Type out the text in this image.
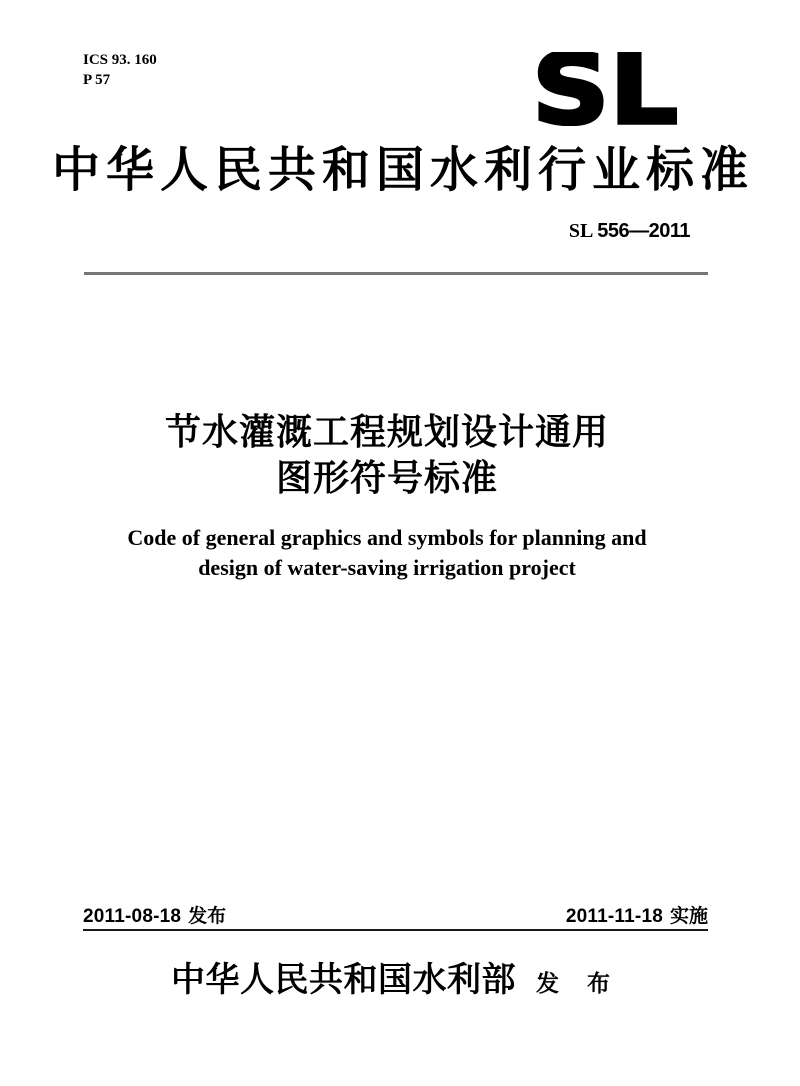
ICS 93. 160
P 57	SL
中华人民共和国水利行业标准
SL 556—2011
节水灌溉工程规划设计通用
图形符号标准
Code of general graphics and symbols for planning and
design of water-saving irrigation project
2011-08-18 发布	2011-11-18 实施
中华人民共和国水利部 发 布
